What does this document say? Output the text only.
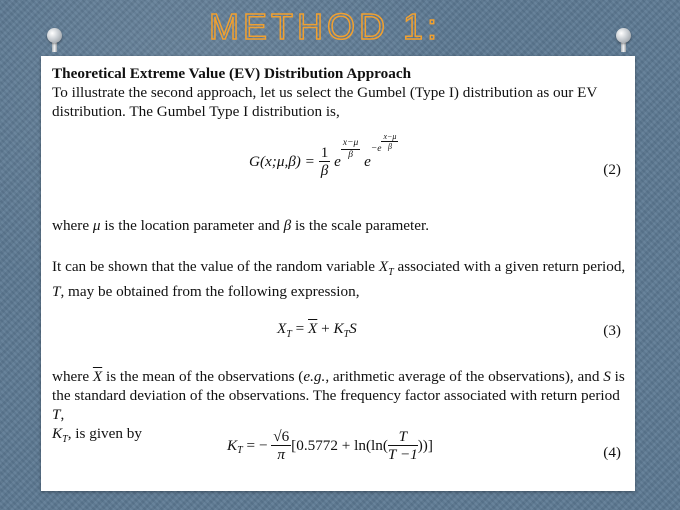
METHOD 1:

Theoretical Extreme Value (EV) Distribution Approach

To illustrate the second approach, let us select the Gumbel (Type I) distribution as our EV distribution. The Gumbel Type I distribution is,

G(x;μ,β) = $\frac{1}{\beta}$ e
$\frac{x-\mu}{\beta}$
$e^{-e} \frac{x-\mu}{\beta}$
(2)

where μ is the location parameter and β is the scale parameter.

It can be shown that the value of the random variable $X_T$ associated with a given return period, T, may be obtained from the following expression,

$X_T = \overline{X} + K_TS$	(3)

where $\overline{X}$ is the mean of the observations (e.g., arithmetic average of the observations), and S is the standard deviation of the observations. The frequency factor associated with return period T,
$K_T$, is given by

$K_T$ = − $\frac{√6}{\pi} [0.5772 + \ln(\ln( \frac{T}{T -1}$ ))]	(4)
